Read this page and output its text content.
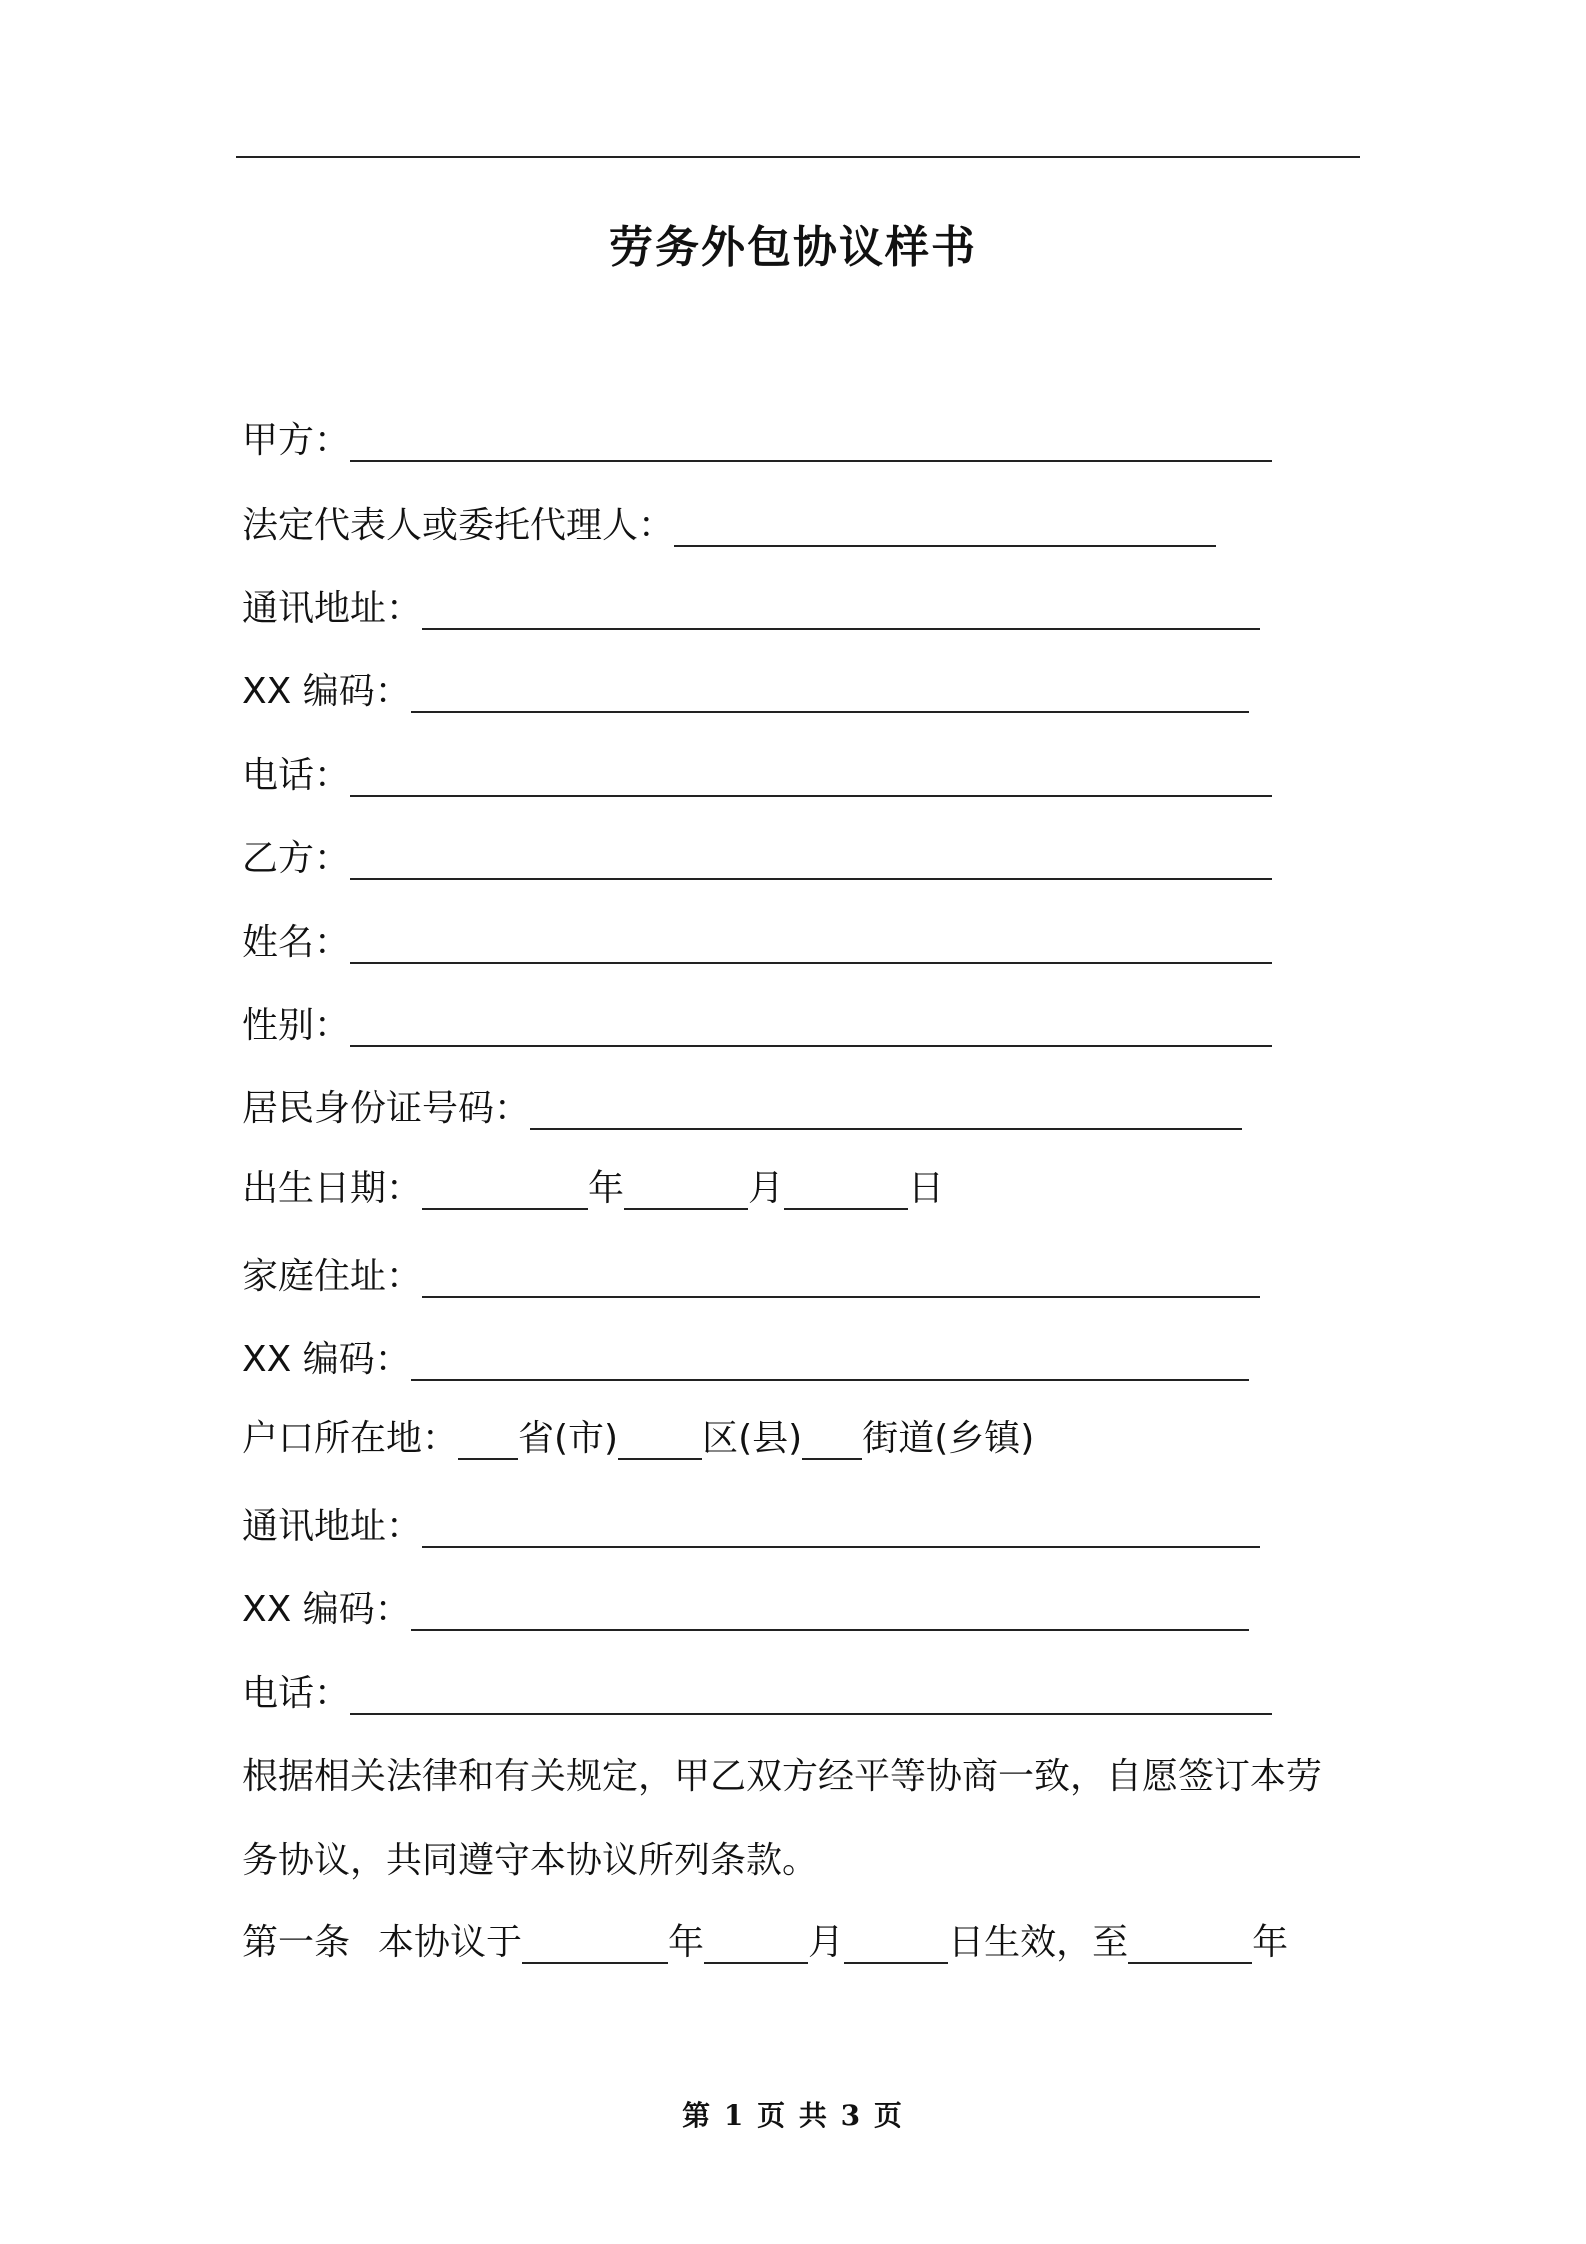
劳务外包协议样书
甲方：
法定代表人或委托代理人：
通讯地址：
XX 编码：
电话：
乙方：
姓名：
性别：
居民身份证号码：
出生日期：	年	月	日
家庭住址：
XX 编码：
户口所在地： 省(市) 区(县) 街道(乡镇)
通讯地址：
XX 编码：
电话：
根据相关法律和有关规定，甲乙双方经平等协商一致，自愿签订本劳
务协议，共同遵守本协议所列条款。
第一条 本协议于	年	月	日生效，至	年
第 1 页 共 3 页
